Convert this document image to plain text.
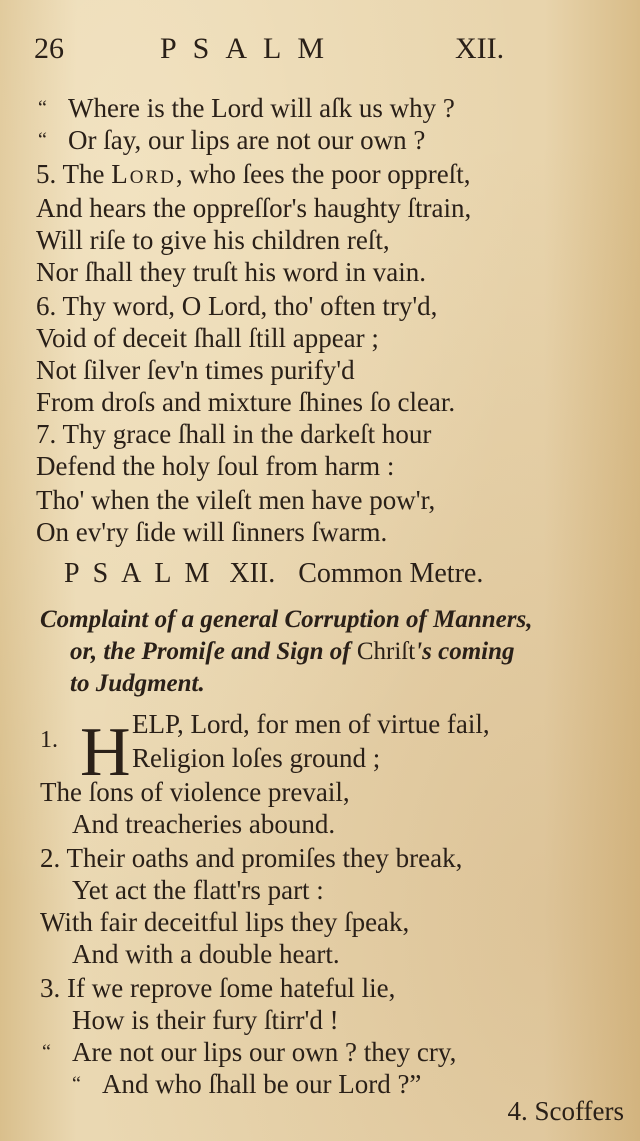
26	PSALM	XII.
“ Where is the Lord will aſk us why ?
“ Or ſay, our lips are not our own ?
5. The Lord, who ſees the poor oppreſt,
And hears the oppreſſor's haughty ſtrain,
Will riſe to give his children reſt,
Nor ſhall they truſt his word in vain.
6. Thy word, O Lord, tho' often try'd,
Void of deceit ſhall ſtill appear ;
Not ſilver ſev'n times purify'd
From droſs and mixture ſhines ſo clear.
7. Thy grace ſhall in the darkeſt hour
Defend the holy ſoul from harm :
Tho' when the vileſt men have pow'r,
On ev'ry ſide will ſinners ſwarm.
PSALM XII. Common Metre.
Complaint of a general Corruption of Manners,
or, the Promiſe and Sign of Chriſt's coming
to Judgment.
1. H ELP, Lord, for men of virtue fail,
Religion loſes ground ;
The ſons of violence prevail,
And treacheries abound.
2. Their oaths and promiſes they break,
Yet act the flatt'rs part :
With fair deceitful lips they ſpeak,
And with a double heart.
3. If we reprove ſome hateful lie,
How is their fury ſtirr'd !
“ Are not our lips our own ? they cry,
“ And who ſhall be our Lord ?”
4. Scoffers
